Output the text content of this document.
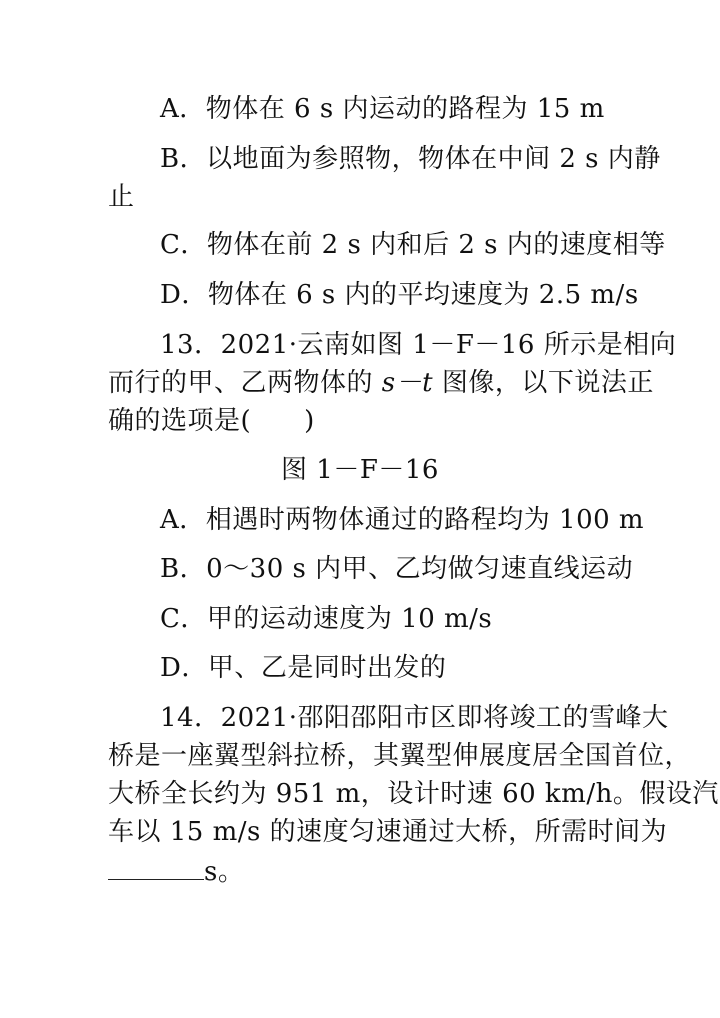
A．物体在 6 s 内运动的路程为 15 m
B．以地面为参照物，物体在中间 2 s 内静
止
C．物体在前 2 s 内和后 2 s 内的速度相等
D．物体在 6 s 内的平均速度为 2.5 m/s
13．2021·云南如图 1－F－16 所示是相向
而行的甲、乙两物体的 s－t 图像，以下说法正
确的选项是(　　)
图 1－F－16
A．相遇时两物体通过的路程均为 100 m
B．0～30 s 内甲、乙均做匀速直线运动
C．甲的运动速度为 10 m/s
D．甲、乙是同时出发的
14．2021·邵阳邵阳市区即将竣工的雪峰大
桥是一座翼型斜拉桥，其翼型伸展度居全国首位，
大桥全长约为 951 m，设计时速 60 km/h。假设汽
车以 15 m/s 的速度匀速通过大桥，所需时间为
s。
